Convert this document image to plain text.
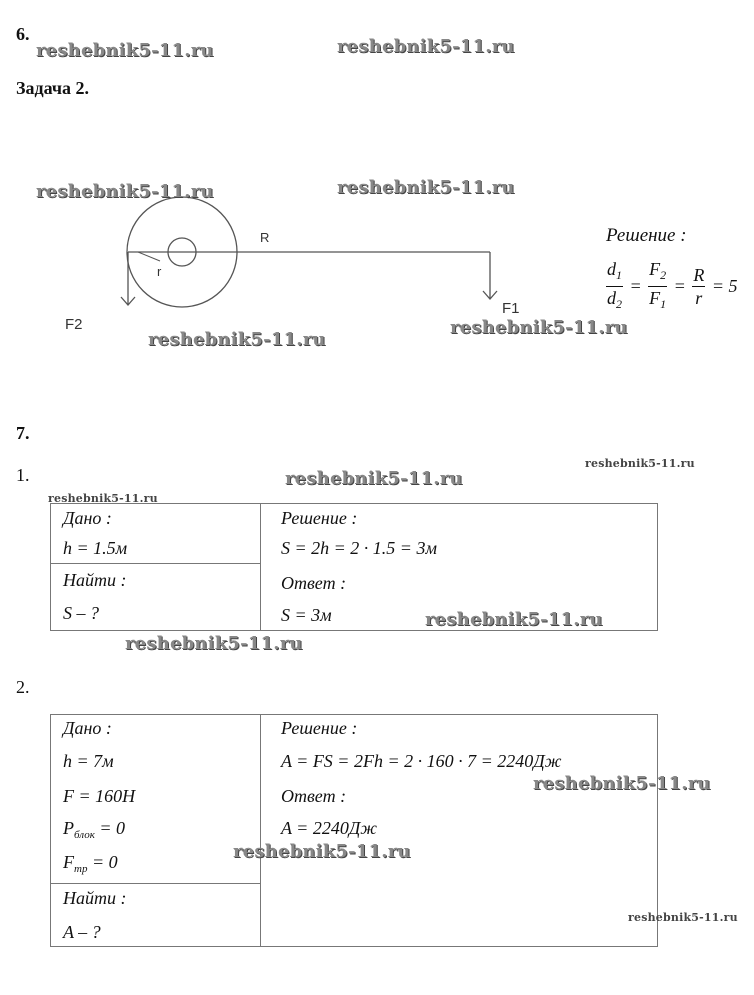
6.
Задача 2.
r
R
F1
F2
Решение :
$\frac{d_1}{d_2} = \frac{F_2}{F_1} = \frac{R}{r} = 5$
7.
1.
Дано :
h = 1.5м
Найти :
S – ?
Решение :
S = 2h = 2 · 1.5 = 3м
Ответ :
S = 3м
2.
Дано :
h = 7м
F = 160Н
$P_{блок} = 0$
$F_{тр} = 0$
Найти :
A – ?
Решение :
A = FS = 2Fh = 2 · 160 · 7 = 2240Дж
Ответ :
A = 2240Дж
reshebnik5-11.ru	reshebnik5-11.ru
reshebnik5-11.ru	reshebnik5-11.ru
reshebnik5-11.ru
reshebnik5-11.ru
reshebnik5-11.ru
reshebnik5-11.ru
reshebnik5-11.ru
reshebnik5-11.ru
reshebnik5-11.ru
reshebnik5-11.ru
reshebnik5-11.ru
reshebnik5-11.ru
